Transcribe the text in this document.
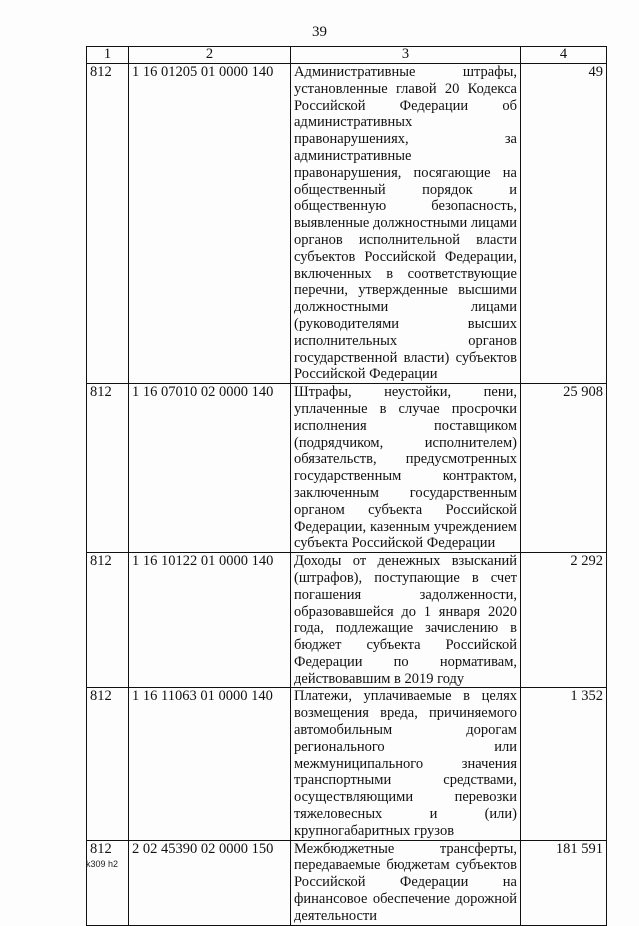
39
1	2	3	4
812	1 16 01205 01 0000 140	Административные штрафы, установленные главой 20 Кодекса Российской Федерации об административных правонарушениях, за административные правонарушения, посягающие на общественный порядок и общественную безопасность, выявленные должностными лицами органов исполнительной власти субъектов Российской Федерации, включенных в соответствующие перечни, утвержденные высшими должностными лицами (руководителями высших исполнительных органов государственной власти) субъектов Российской Федерации	49
812	1 16 07010 02 0000 140	Штрафы, неустойки, пени, уплаченные в случае просрочки исполнения поставщиком (подрядчиком, исполнителем) обязательств, предусмотренных государственным контрактом, заключенным государственным органом субъекта Российской Федерации, казенным учреждением субъекта Российской Федерации	25 908
812	1 16 10122 01 0000 140	Доходы от денежных взысканий (штрафов), поступающие в счет погашения задолженности, образовавшейся до 1 января 2020 года, подлежащие зачислению в бюджет субъекта Российской Федерации по нормативам, действовавшим в 2019 году	2 292
812	1 16 11063 01 0000 140	Платежи, уплачиваемые в целях возмещения вреда, причиняемого автомобильным дорогам регионального или межмуниципального значения транспортными средствами, осуществляющими перевозки тяжеловесных и (или) крупногабаритных грузов	1 352
812	2 02 45390 02 0000 150	Межбюджетные трансферты, передаваемые бюджетам субъектов Российской Федерации на финансовое обеспечение дорожной деятельности	181 591
k309 h2
